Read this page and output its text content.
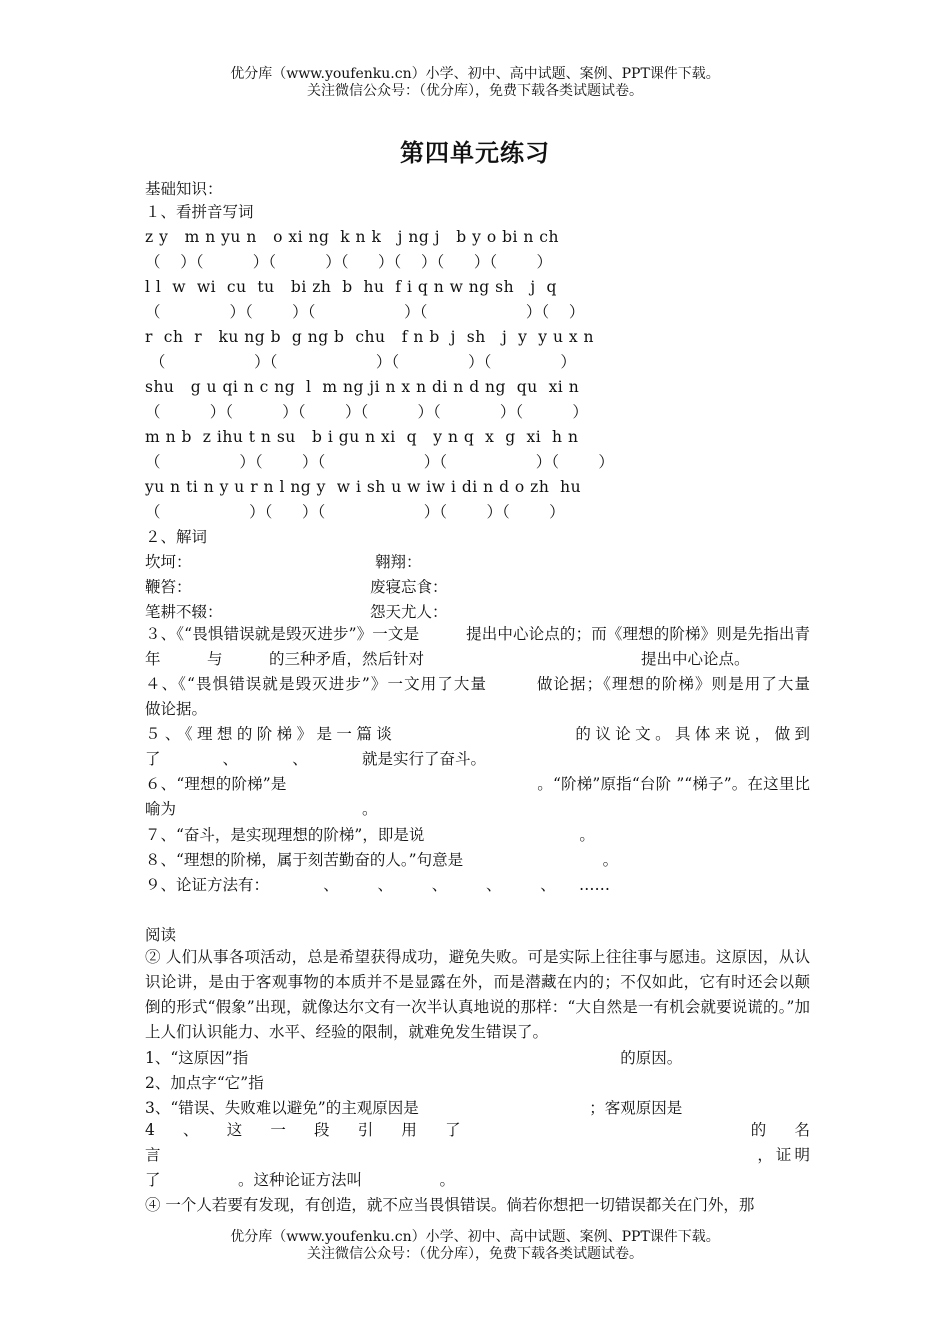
优分库（www.youfenku.cn）小学、初中、高中试题、案例、PPT课件下载。
关注微信公众号：（优分库），免费下载各类试题试卷。
第四单元练习
基础知识：
１、看拼音写词
z y   m n yu n   o xi ng  k n k   j ng j   b y o bi n ch
（    ）（          ）（          ）（      ）（    ）（      ）（        ）
l l  w  wi  cu  tu   bi zh  b  hu  f i q n w ng sh   j  q
（              ）（        ）（                  ）（                    ）（    ）
r  ch  r   ku ng b  g ng b  chu   f n b  j  sh   j  y  y u x n
（                  ）（                    ）（              ）（              ）
shu   g u qi n c ng  l  m ng ji n x n di n d ng  qu  xi n
（          ）（          ）（        ）（          ）（            ）（          ）
m n b  z ihu t n su   b i gu n xi  q   y n q  x  g  xi  h n
（                ）（        ）（                    ）（                  ）（        ）
yu n ti n y u r n l ng y  w i sh u w iw i di n d o zh  hu
（                  ）（      ）（                    ）（        ）（        ）
２、解词
坎坷：	翱翔：
鞭笞：	废寝忘食：
笔耕不辍：	怨天尤人：
３、《“畏惧错误就是毁灭进步”》一文是　　　提出中心论点的；而《理想的阶梯》则是先指出青年　　　与　　　的三种矛盾，然后针对　　　　　　　　　　　　　　提出中心论点。
４、《“畏惧错误就是毁灭进步”》一文用了大量　　　做论据；《理想的阶梯》则是用了大量　　　做论据。
５、《理想的阶梯》是一篇谈　　　　　　　　　的议论文。具体来说，做到了　　　　、　　　　、　　　　就是实行了奋斗。
６、“理想的阶梯”是　　　　　　　　　　　　　　　　。“阶梯”原指“台阶 ”“梯子”。在这里比喻为　　　　　　　　　　　　。
７、“奋斗，是实现理想的阶梯”，即是说　　　　　　　　　　。
８、“理想的阶梯，属于刻苦勤奋的人。”句意是　　　　　　　　　。
９、论证方法有：　　　　、　　　、　　　、　　　、　　　、　　……
阅读
② 人们从事各项活动，总是希望获得成功，避免失败。可是实际上往往事与愿违。这原因，从认识论讲，是由于客观事物的本质并不是显露在外，而是潜藏在内的；不仅如此，它有时还会以颠倒的形式“假象”出现，就像达尔文有一次半认真地说的那样：“大自然是一有机会就要说谎的。”加上人们认识能力、水平、经验的限制，就难免发生错误了。
1、“这原因”指　　　　　　　　　　　　　　　　　　　　　　　　的原因。
2、加点字“它”指
3、“错误、失败难以避免”的主观原因是　　　　　　　　　　　；客观原因是
4、这一段引用了　　　　　　的名言　　　　　　　　　　　　　　　　　　　　　　　　　　　　　　　　，证明了　　　　　。这种论证方法叫　　　　　。
④ 一个人若要有发现，有创造，就不应当畏惧错误。倘若你想把一切错误都关在门外，那
优分库（www.youfenku.cn）小学、初中、高中试题、案例、PPT课件下载。
关注微信公众号：（优分库），免费下载各类试题试卷。
